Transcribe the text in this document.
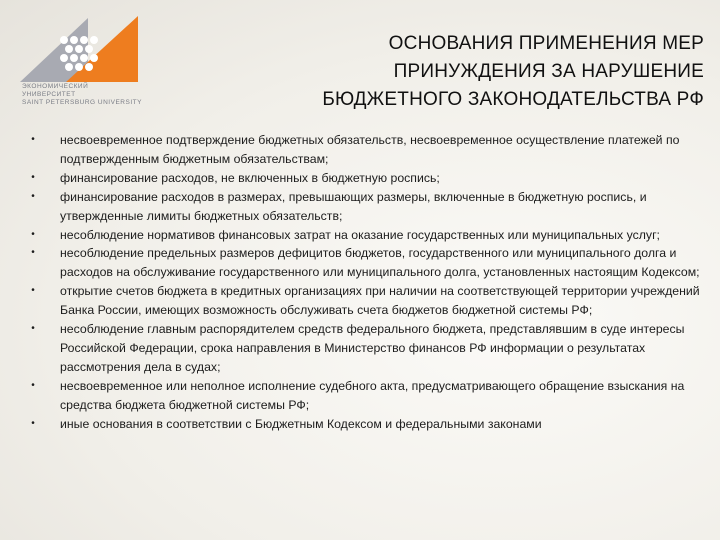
ЭКОНОМИЧЕСКИЙ УНИВЕРСИТЕТ
SAINT PETERSBURG UNIVERSITY
ОСНОВАНИЯ ПРИМЕНЕНИЯ МЕР
ПРИНУЖДЕНИЯ ЗА НАРУШЕНИЕ
БЮДЖЕТНОГО ЗАКОНОДАТЕЛЬСТВА РФ
• несвоевременное подтверждение бюджетных обязательств, несвоевременное осуществление платежей по подтвержденным бюджетным обязательствам;
• финансирование расходов, не включенных в бюджетную роспись;
• финансирование расходов в размерах, превышающих размеры, включенные в бюджетную роспись, и утвержденные лимиты бюджетных обязательств;
• несоблюдение нормативов финансовых затрат на оказание государственных или муниципальных услуг;
• несоблюдение предельных размеров дефицитов бюджетов, государственного или муниципального долга и расходов на обслуживание государственного или муниципального долга, установленных настоящим Кодексом;
• открытие счетов бюджета в кредитных организациях при наличии на соответствующей территории учреждений Банка России, имеющих возможность обслуживать счета бюджетов бюджетной системы РФ;
• несоблюдение главным распорядителем средств федерального бюджета, представлявшим в суде интересы Российской Федерации, срока направления в Министерство финансов РФ информации о результатах рассмотрения дела в судах;
• несвоевременное или неполное исполнение судебного акта, предусматривающего обращение взыскания на средства бюджета бюджетной системы РФ;
• иные основания в соответствии с Бюджетным Кодексом и федеральными законами
